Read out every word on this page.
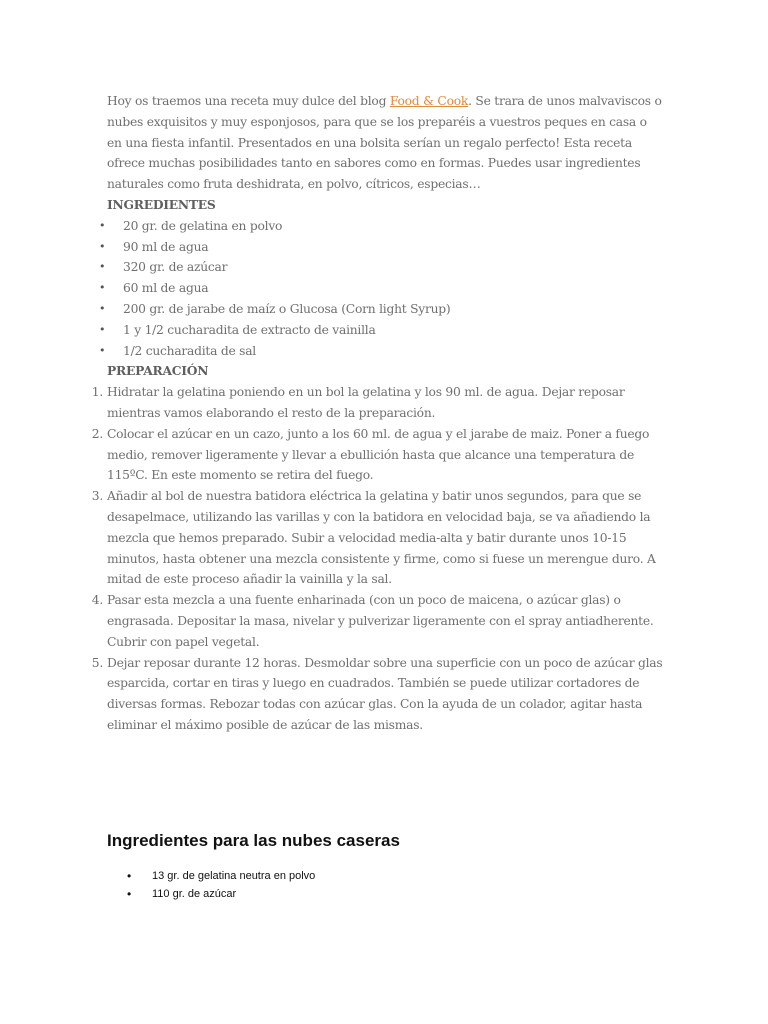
Hoy os traemos una receta muy dulce del blog Food & Cook. Se trara de unos malvaviscos o nubes exquisitos y muy esponjosos, para que se los preparéis a vuestros peques en casa o en una fiesta infantil. Presentados en una bolsita serían un regalo perfecto! Esta receta ofrece muchas posibilidades tanto en sabores como en formas. Puedes usar ingredientes naturales como fruta deshidrata, en polvo, cítricos, especias…

INGREDIENTES

• 20 gr. de gelatina en polvo
• 90 ml de agua
• 320 gr. de azúcar
• 60 ml de agua
• 200 gr. de jarabe de maíz o Glucosa (Corn light Syrup)
• 1 y 1/2 cucharadita de extracto de vainilla
• 1/2 cucharadita de sal

PREPARACIÓN

1. Hidratar la gelatina poniendo en un bol la gelatina y los 90 ml. de agua. Dejar reposar mientras vamos elaborando el resto de la preparación.
2. Colocar el azúcar en un cazo, junto a los 60 ml. de agua y el jarabe de maiz. Poner a fuego medio, remover ligeramente y llevar a ebullición hasta que alcance una temperatura de 115ºC. En este momento se retira del fuego.
3. Añadir al bol de nuestra batidora eléctrica la gelatina y batir unos segundos, para que se desapelmace, utilizando las varillas y con la batidora en velocidad baja, se va añadiendo la mezcla que hemos preparado. Subir a velocidad media-alta y batir durante unos 10-15 minutos, hasta obtener una mezcla consistente y firme, como si fuese un merengue duro. A mitad de este proceso añadir la vainilla y la sal.
4. Pasar esta mezcla a una fuente enharinada (con un poco de maicena, o azúcar glas) o engrasada. Depositar la masa, nivelar y pulverizar ligeramente con el spray antiadherente. Cubrir con papel vegetal.
5. Dejar reposar durante 12 horas. Desmoldar sobre una superficie con un poco de azúcar glas esparcida, cortar en tiras y luego en cuadrados. También se puede utilizar cortadores de diversas formas. Rebozar todas con azúcar glas. Con la ayuda de un colador, agitar hasta eliminar el máximo posible de azúcar de las mismas.
Ingredientes para las nubes caseras
• 13 gr. de gelatina neutra en polvo
• 110 gr. de azúcar
